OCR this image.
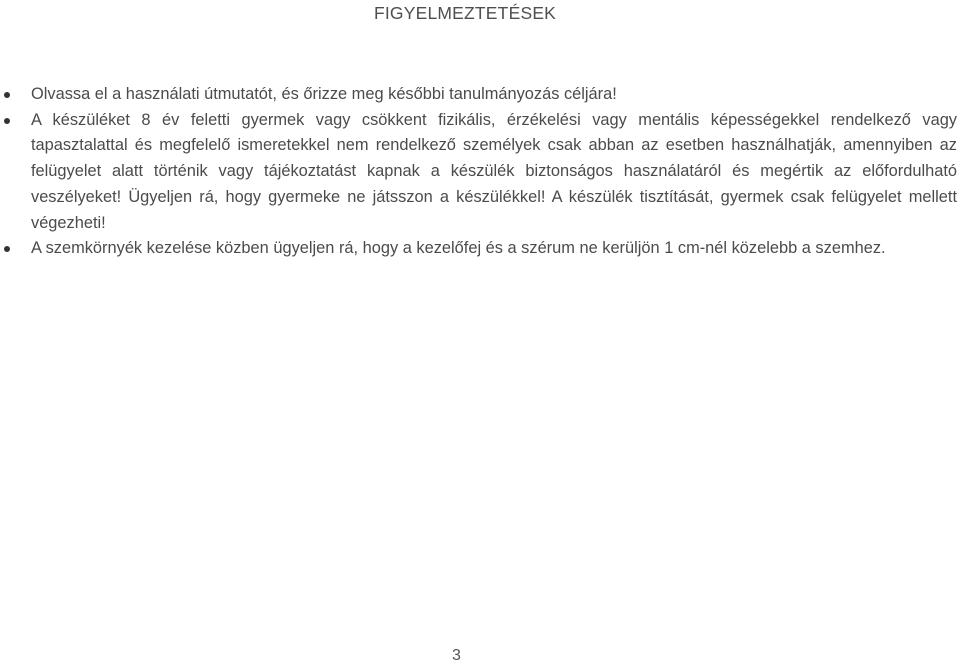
FIGYELMEZTETÉSEK
Olvassa el a használati útmutatót, és őrizze meg későbbi tanulmányozás céljára!
A készüléket 8 év feletti gyermek vagy csökkent fizikális, érzékelési vagy mentális képességekkel rendelkező vagy tapasztalattal és megfelelő ismeretekkel nem rendelkező személyek csak abban az esetben használhatják, amennyiben az felügyelet alatt történik vagy tájékoztatást kapnak a készülék biztonságos használatáról és megértik az előfordulható veszélyeket! Ügyeljen rá, hogy gyermeke ne játsszon a készülékkel! A készülék tisztítását, gyermek csak felügyelet mellett végezheti!
A szemkörnyék kezelése közben ügyeljen rá, hogy a kezelőfej és a szérum ne kerüljön 1 cm-nél közelebb a szemhez.
3
